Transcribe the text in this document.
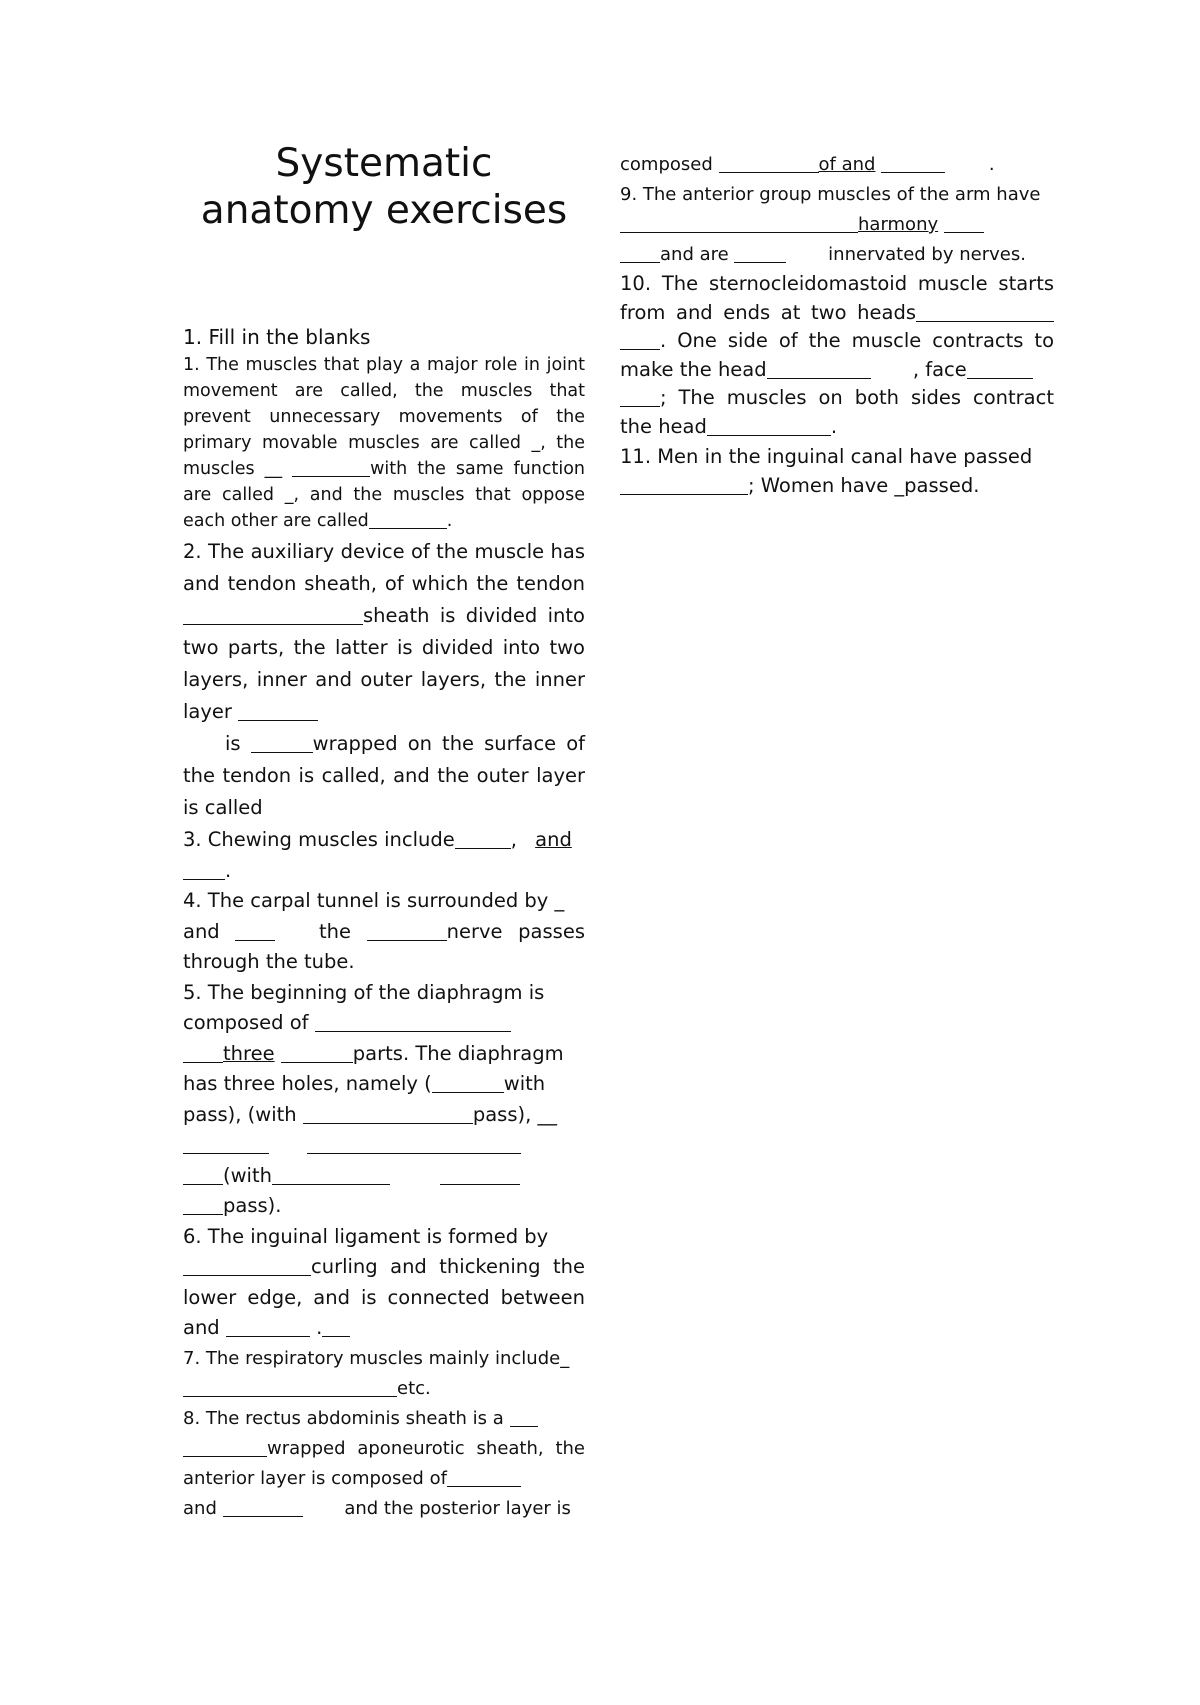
Systematic
anatomy exercises
1. Fill in the blanks

1. The muscles that play a major role in joint movement are called, the muscles that prevent unnecessary movements of the primary movable muscles are called _, the muscles __	with the same function are called _, and the muscles that oppose each other are called	.

2. The auxiliary device of the muscle has and tendon sheath, of which the tendon sheath is divided into two parts, the latter is divided into two layers, inner and outer layers, the inner layer
is	wrapped on the surface of the tendon is called, and the outer layer is called

3. Chewing muscles include	, and
.

4. The carpal tunnel is surrounded by _
and	the	nerve passes through the tube.

5. The beginning of the diaphragm is composed of
three	parts. The diaphragm has three holes, namely (	with pass), (with	pass), __

(with
pass).

6. The inguinal ligament is formed by
curling and thickening the lower edge, and is connected between and	.

7. The respiratory muscles mainly include_
etc.

8. The rectus abdominis sheath is a
wrapped aponeurotic sheath, the anterior layer is composed of
and	and the posterior layer is

composed	of and	.

9. The anterior group muscles of the arm have
harmony
and are	innervated by nerves.

10. The sternocleidomastoid muscle starts from and ends at two heads . One side of the muscle contracts to make the head	, face
; The muscles on both sides contract the head	.

11. Men in the inguinal canal have passed
; Women have _passed.
